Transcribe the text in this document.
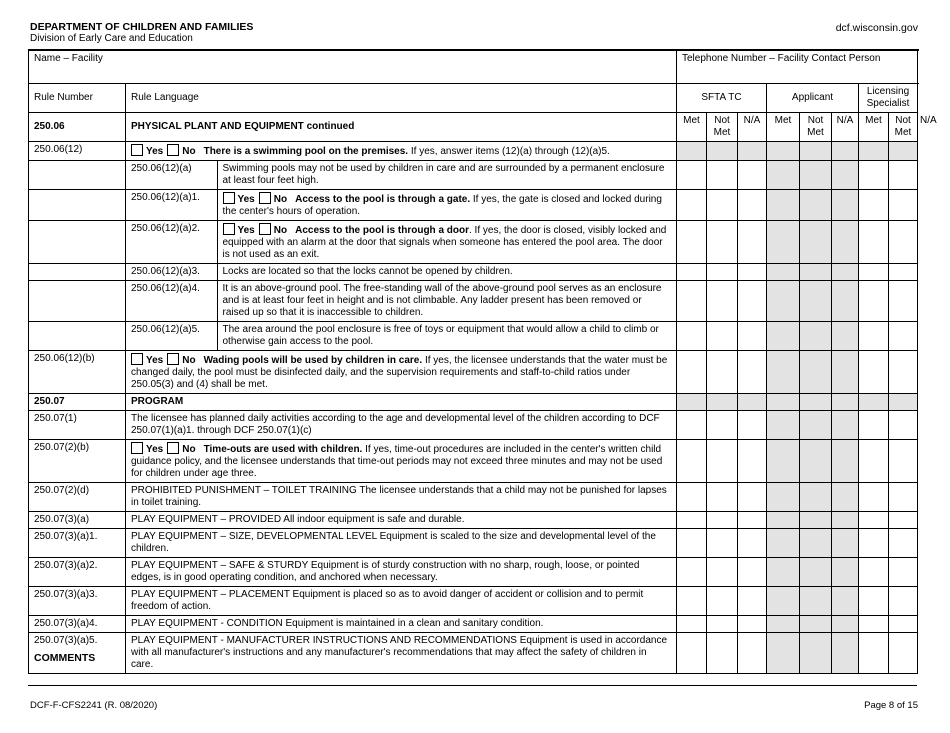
DEPARTMENT OF CHILDREN AND FAMILIES
Division of Early Care and Education
dcf.wisconsin.gov
Name – Facility	Telephone Number – Facility Contact Person
Rule Number	Rule Language	SFTA TC	Applicant	Licensing Specialist
250.06	PHYSICAL PLANT AND EQUIPMENT continued	Met	Not Met	N/A	Met	Not Met	N/A	Met	Not Met	N/A
250.06(12)	Yes No There is a swimming pool on the premises. If yes, answer items (12)(a) through (12)(a)5.									

250.06(12)(a)	Swimming pools may not be used by children in care and are surrounded by a permanent enclosure at least four feet high.

250.06(12)(a)1.	Yes No Access to the pool is through a gate. If yes, the gate is closed and locked during the center's hours of operation.

250.06(12)(a)2.	Yes No Access to the pool is through a door. If yes, the door is closed, visibly locked and equipped with an alarm at the door that signals when someone has entered the pool area. The door is not used as an exit.

250.06(12)(a)3.	Locks are located so that the locks cannot be opened by children.

250.06(12)(a)4.	It is an above-ground pool. The free-standing wall of the above-ground pool serves as an enclosure and is at least four feet in height and is not climbable. Any ladder present has been removed or raised up so that it is inaccessible to children.

250.06(12)(a)5.	The area around the pool enclosure is free of toys or equipment that would allow a child to climb or otherwise gain access to the pool.

250.06(12)(b)	Yes No Wading pools will be used by children in care. If yes, the licensee understands that the water must be changed daily, the pool must be disinfected daily, and the supervision requirements and staff-to-child ratios under 250.05(3) and (4) shall be met.									
250.07	PROGRAM									
250.07(1)	The licensee has planned daily activities according to the age and developmental level of the children according to DCF 250.07(1)(a)1. through DCF 250.07(1)(c)									
250.07(2)(b)	Yes No Time-outs are used with children. If yes, time-out procedures are included in the center's written child guidance policy, and the licensee understands that time-out periods may not exceed three minutes and may not be used for children under age three.									
250.07(2)(d)	PROHIBITED PUNISHMENT – TOILET TRAINING The licensee understands that a child may not be punished for lapses in toilet training.									
250.07(3)(a)	PLAY EQUIPMENT – PROVIDED All indoor equipment is safe and durable.									
250.07(3)(a)1.	PLAY EQUIPMENT – SIZE, DEVELOPMENTAL LEVEL Equipment is scaled to the size and developmental level of the children.									
250.07(3)(a)2.	PLAY EQUIPMENT – SAFE & STURDY Equipment is of sturdy construction with no sharp, rough, loose, or pointed edges, is in good operating condition, and anchored when necessary.									
250.07(3)(a)3.	PLAY EQUIPMENT – PLACEMENT Equipment is placed so as to avoid danger of accident or collision and to permit freedom of action.									
250.07(3)(a)4.	PLAY EQUIPMENT - CONDITION Equipment is maintained in a clean and sanitary condition.									
250.07(3)(a)5.	PLAY EQUIPMENT - MANUFACTURER INSTRUCTIONS AND RECOMMENDATIONS Equipment is used in accordance with all manufacturer's instructions and any manufacturer's recommendations that may affect the safety of children in care.									
COMMENTS
DCF-F-CFS2241 (R. 08/2020)	Page 8 of 15
